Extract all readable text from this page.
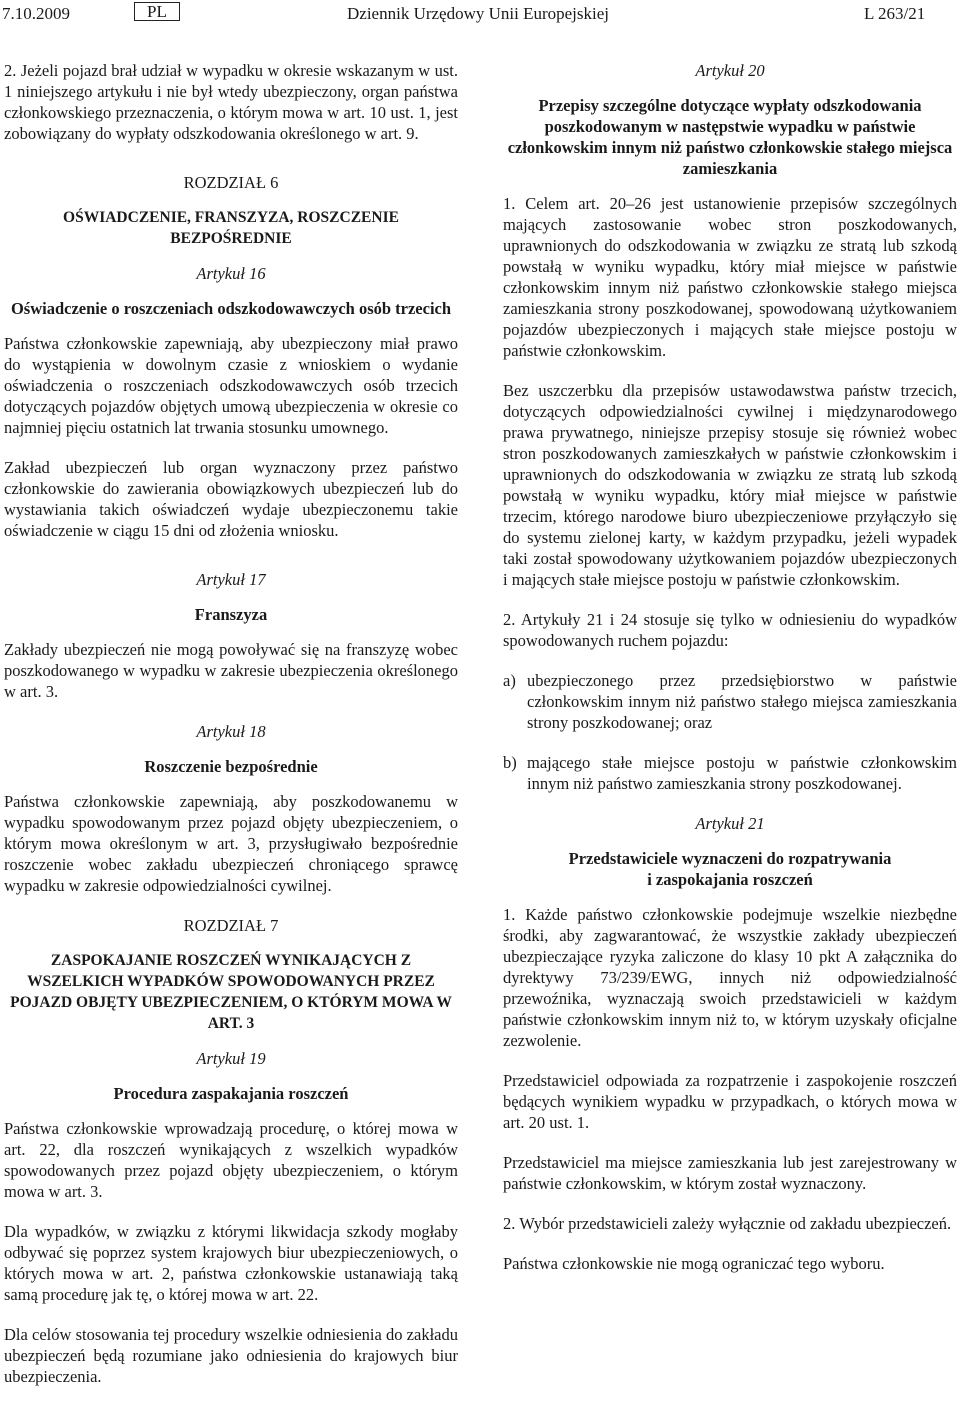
7.10.2009	PL	Dziennik Urzędowy Unii Europejskiej	L 263/21

2. Jeżeli pojazd brał udział w wypadku w okresie wskazanym w ust. 1 niniejszego artykułu i nie był wtedy ubezpieczony, organ państwa członkowskiego przeznaczenia, o którym mowa w art. 10 ust. 1, jest zobowiązany do wypłaty odszkodowania określonego w art. 9.

ROZDZIAŁ 6
OŚWIADCZENIE, FRANSZYZA, ROSZCZENIE BEZPOŚREDNIE
Artykuł 16
Oświadczenie o roszczeniach odszkodowawczych osób trzecich

Państwa członkowskie zapewniają, aby ubezpieczony miał prawo do wystąpienia w dowolnym czasie z wnioskiem o wydanie oświadczenia o roszczeniach odszkodowawczych osób trzecich dotyczących pojazdów objętych umową ubezpieczenia w okresie co najmniej pięciu ostatnich lat trwania stosunku umownego.

Zakład ubezpieczeń lub organ wyznaczony przez państwo członkowskie do zawierania obowiązkowych ubezpieczeń lub do wystawiania takich oświadczeń wydaje ubezpieczonemu takie oświadczenie w ciągu 15 dni od złożenia wniosku.

Artykuł 17
Franszyza

Zakłady ubezpieczeń nie mogą powoływać się na franszyzę wobec poszkodowanego w wypadku w zakresie ubezpieczenia określonego w art. 3.

Artykuł 18
Roszczenie bezpośrednie

Państwa członkowskie zapewniają, aby poszkodowanemu w wypadku spowodowanym przez pojazd objęty ubezpieczeniem, o którym mowa określonym w art. 3, przysługiwało bezpośrednie roszczenie wobec zakładu ubezpieczeń chroniącego sprawcę wypadku w zakresie odpowiedzialności cywilnej.

ROZDZIAŁ 7
ZASPOKAJANIE ROSZCZEŃ WYNIKAJĄCYCH Z WSZELKICH WYPADKÓW SPOWODOWANYCH PRZEZ POJAZD OBJĘTY UBEZPIECZENIEM, O KTÓRYM MOWA W ART. 3
Artykuł 19
Procedura zaspakajania roszczeń

Państwa członkowskie wprowadzają procedurę, o której mowa w art. 22, dla roszczeń wynikających z wszelkich wypadków spowodowanych przez pojazd objęty ubezpieczeniem, o którym mowa w art. 3.

Dla wypadków, w związku z którymi likwidacja szkody mogłaby odbywać się poprzez system krajowych biur ubezpieczeniowych, o których mowa w art. 2, państwa członkowskie ustanawiają taką samą procedurę jak tę, o której mowa w art. 22.

Dla celów stosowania tej procedury wszelkie odniesienia do zakładu ubezpieczeń będą rozumiane jako odniesienia do krajowych biur ubezpieczenia.

Artykuł 20
Przepisy szczególne dotyczące wypłaty odszkodowania poszkodowanym w następstwie wypadku w państwie członkowskim innym niż państwo członkowskie stałego miejsca zamieszkania

1. Celem art. 20–26 jest ustanowienie przepisów szczególnych mających zastosowanie wobec stron poszkodowanych, uprawnionych do odszkodowania w związku ze stratą lub szkodą powstałą w wyniku wypadku, który miał miejsce w państwie członkowskim innym niż państwo członkowskie stałego miejsca zamieszkania strony poszkodowanej, spowodowaną użytkowaniem pojazdów ubezpieczonych i mających stałe miejsce postoju w państwie członkowskim.

Bez uszczerbku dla przepisów ustawodawstwa państw trzecich, dotyczących odpowiedzialności cywilnej i międzynarodowego prawa prywatnego, niniejsze przepisy stosuje się również wobec stron poszkodowanych zamieszkałych w państwie członkowskim i uprawnionych do odszkodowania w związku ze stratą lub szkodą powstałą w wyniku wypadku, który miał miejsce w państwie trzecim, którego narodowe biuro ubezpieczeniowe przyłączyło się do systemu zielonej karty, w każdym przypadku, jeżeli wypadek taki został spowodowany użytkowaniem pojazdów ubezpieczonych i mających stałe miejsce postoju w państwie członkowskim.

2. Artykuły 21 i 24 stosuje się tylko w odniesieniu do wypadków spowodowanych ruchem pojazdu:

a) ubezpieczonego przez przedsiębiorstwo w państwie członkowskim innym niż państwo stałego miejsca zamieszkania strony poszkodowanej; oraz
b) mającego stałe miejsce postoju w państwie członkowskim innym niż państwo zamieszkania strony poszkodowanej.
Artykuł 21
Przedstawiciele wyznaczeni do rozpatrywania
i zaspokajania roszczeń

1. Każde państwo członkowskie podejmuje wszelkie niezbędne środki, aby zagwarantować, że wszystkie zakłady ubezpieczeń ubezpieczające ryzyka zaliczone do klasy 10 pkt A załącznika do dyrektywy 73/239/EWG, innych niż odpowiedzialność przewoźnika, wyznaczają swoich przedstawicieli w każdym państwie członkowskim innym niż to, w którym uzyskały oficjalne zezwolenie.

Przedstawiciel odpowiada za rozpatrzenie i zaspokojenie roszczeń będących wynikiem wypadku w przypadkach, o których mowa w art. 20 ust. 1.

Przedstawiciel ma miejsce zamieszkania lub jest zarejestrowany w państwie członkowskim, w którym został wyznaczony.

2. Wybór przedstawicieli zależy wyłącznie od zakładu ubezpieczeń.

Państwa członkowskie nie mogą ograniczać tego wyboru.
